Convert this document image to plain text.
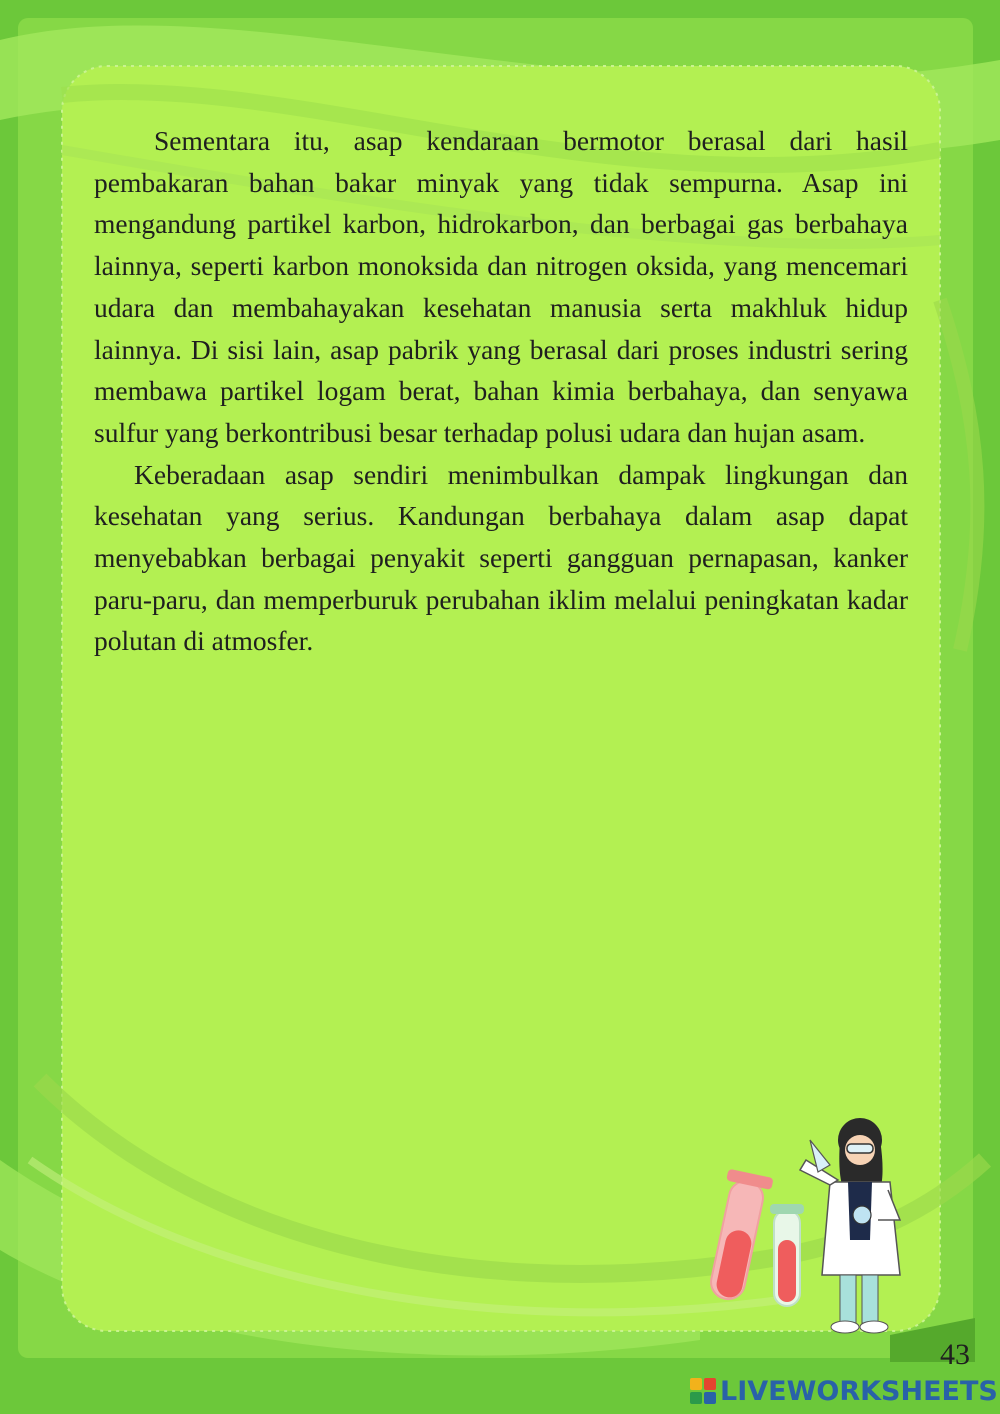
Sementara itu, asap kendaraan bermotor berasal dari hasil pembakaran bahan bakar minyak yang tidak sempurna. Asap ini mengandung partikel karbon, hidrokarbon, dan berbagai gas berbahaya lainnya, seperti karbon monoksida dan nitrogen oksida, yang mencemari udara dan membahayakan kesehatan manusia serta makhluk hidup lainnya. Di sisi lain, asap pabrik yang berasal dari proses industri sering membawa partikel logam berat, bahan kimia berbahaya, dan senyawa sulfur yang berkontribusi besar terhadap polusi udara dan hujan asam.

Keberadaan asap sendiri menimbulkan dampak lingkungan dan kesehatan yang serius. Kandungan berbahaya dalam asap dapat menyebabkan berbagai penyakit seperti gangguan pernapasan, kanker paru-paru, dan memperburuk perubahan iklim melalui peningkatan kadar polutan di atmosfer.

43
LIVEWORKSHEETS
